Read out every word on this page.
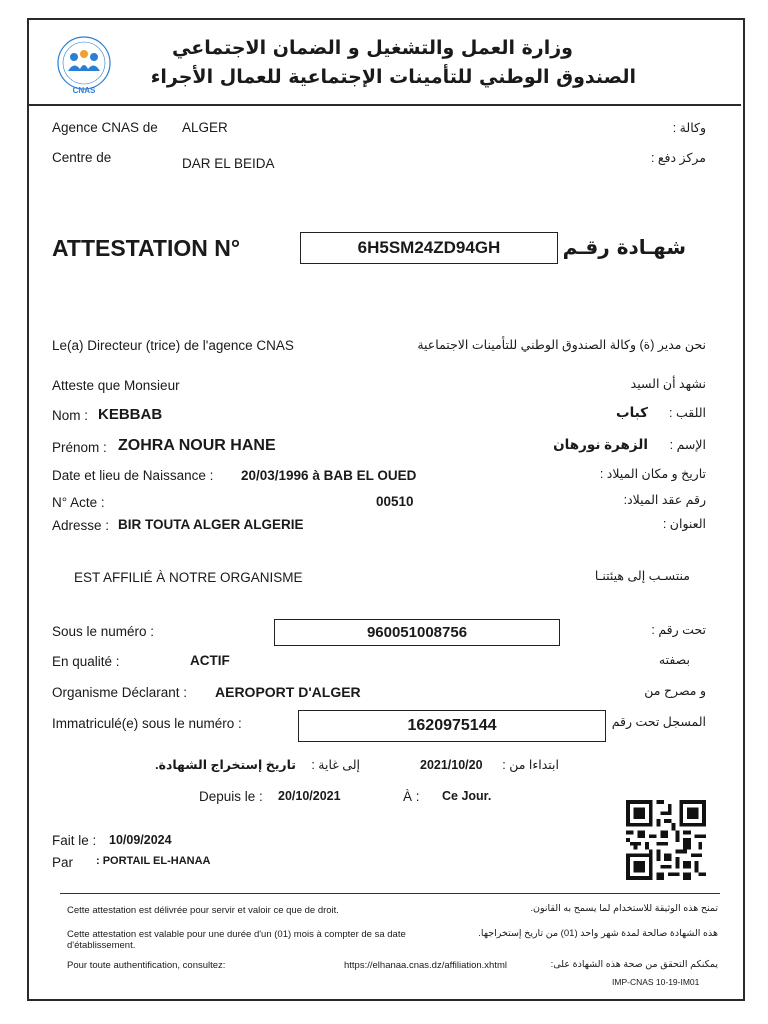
CNAS
وزارة العمل والتشغيل و الضمان الاجتماعي
الصندوق الوطني للتأمينات الإجتماعية للعمال الأجراء
Agence CNAS de ALGER	وكالة :
Centre de	DAR EL BEIDA	مركز دفع :
ATTESTATION N°	6H5SM24ZD94GH	شهـادة رقـم
Le(a) Directeur (trice) de l'agence CNAS	نحن مدير (ة) وكالة الصندوق الوطني للتأمينات الاجتماعية
Atteste que Monsieur	نشهد أن السيد
Nom : KEBBAB	كباب اللقب :
Prénom : ZOHRA NOUR HANE	الزهرة نورهان الإسم :
Date et lieu de Naissance : 20/03/1996 à BAB EL OUED	تاريخ و مكان الميلاد :
N° Acte :	00510	رقم عقد الميلاد:
Adresse : BIR TOUTA ALGER ALGERIE	العنوان :
EST AFFILIÉ À NOTRE ORGANISME	منتسـب إلى هيئتنـا
Sous le numéro :	960051008756	تحت رقم :
En qualité :	ACTIF	بصفته
Organisme Déclarant : AEROPORT D'ALGER	و مصرح من
Immatriculé(e) sous le numéro :	1620975144	المسجل تحت رقم
ابتداءا من :
2021/10/20
إلى غاية :
تاريخ إستخراج الشهادة.
Depuis le : 20/10/2021	À : Ce Jour.
Fait le : 10/09/2024
Par : PORTAIL EL-HANAA
Cette attestation est délivrée pour servir et valoir ce que de droit.	تمنح هذه الوثيقة للاستخدام لما يسمح به القانون.
Cette attestation est valable pour une durée d'un (01) mois à compter de sa date d'établissement.
هذه الشهادة صالحة لمدة شهر واحد (01) من تاريخ إستخراجها.
Pour toute authentification, consultez:	https://elhanaa.cnas.dz/affiliation.xhtml	يمكنكم التحقق من صحة هذه الشهادة على:
IMP-CNAS 10-19-IM01
